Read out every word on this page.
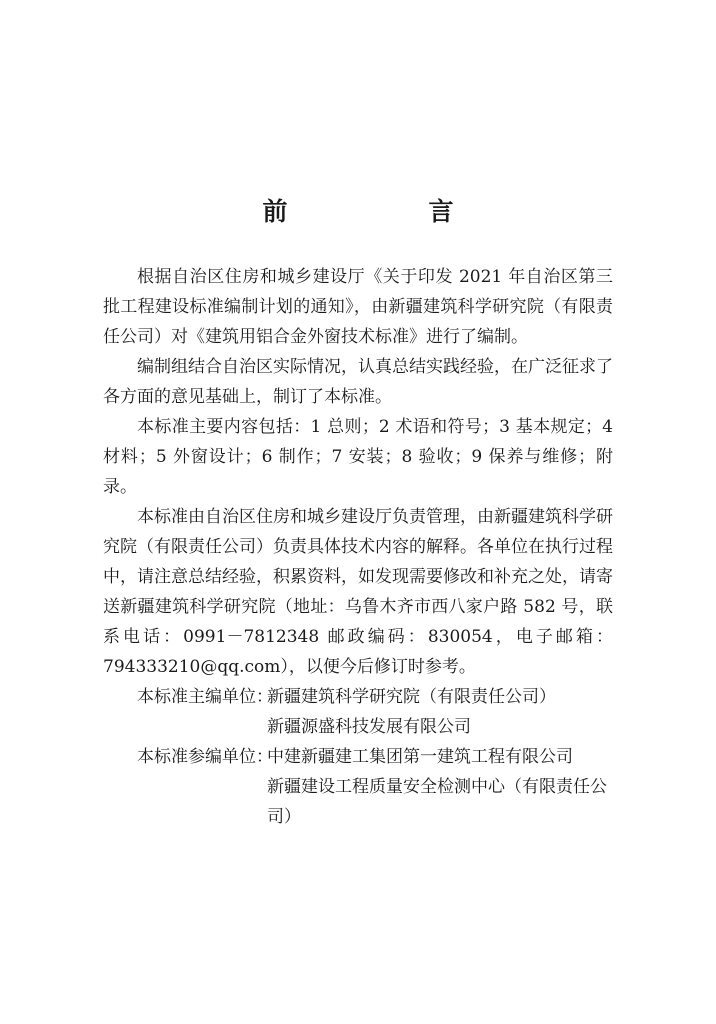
前　言

根据自治区住房和城乡建设厅《关于印发 2021 年自治区第三批工程建设标准编制计划的通知》，由新疆建筑科学研究院（有限责任公司）对《建筑用铝合金外窗技术标准》进行了编制。

编制组结合自治区实际情况，认真总结实践经验，在广泛征求了各方面的意见基础上，制订了本标准。

本标准主要内容包括：1 总则；2 术语和符号；3 基本规定；4 材料；5 外窗设计；6 制作；7 安装；8 验收；9 保养与维修；附录。

本标准由自治区住房和城乡建设厅负责管理，由新疆建筑科学研究院（有限责任公司）负责具体技术内容的解释。各单位在执行过程中，请注意总结经验，积累资料，如发现需要修改和补充之处，请寄送新疆建筑科学研究院（地址：乌鲁木齐市西八家户路 582 号，联系电话：0991－7812348 邮政编码：830054，电子邮箱：794333210@qq.com），以便今后修订时参考。

本标准主编单位：
新疆建筑科学研究院（有限责任公司）
新疆源盛科技发展有限公司
本标准参编单位：
中建新疆建工集团第一建筑工程有限公司
新疆建设工程质量安全检测中心（有限责任公司）
